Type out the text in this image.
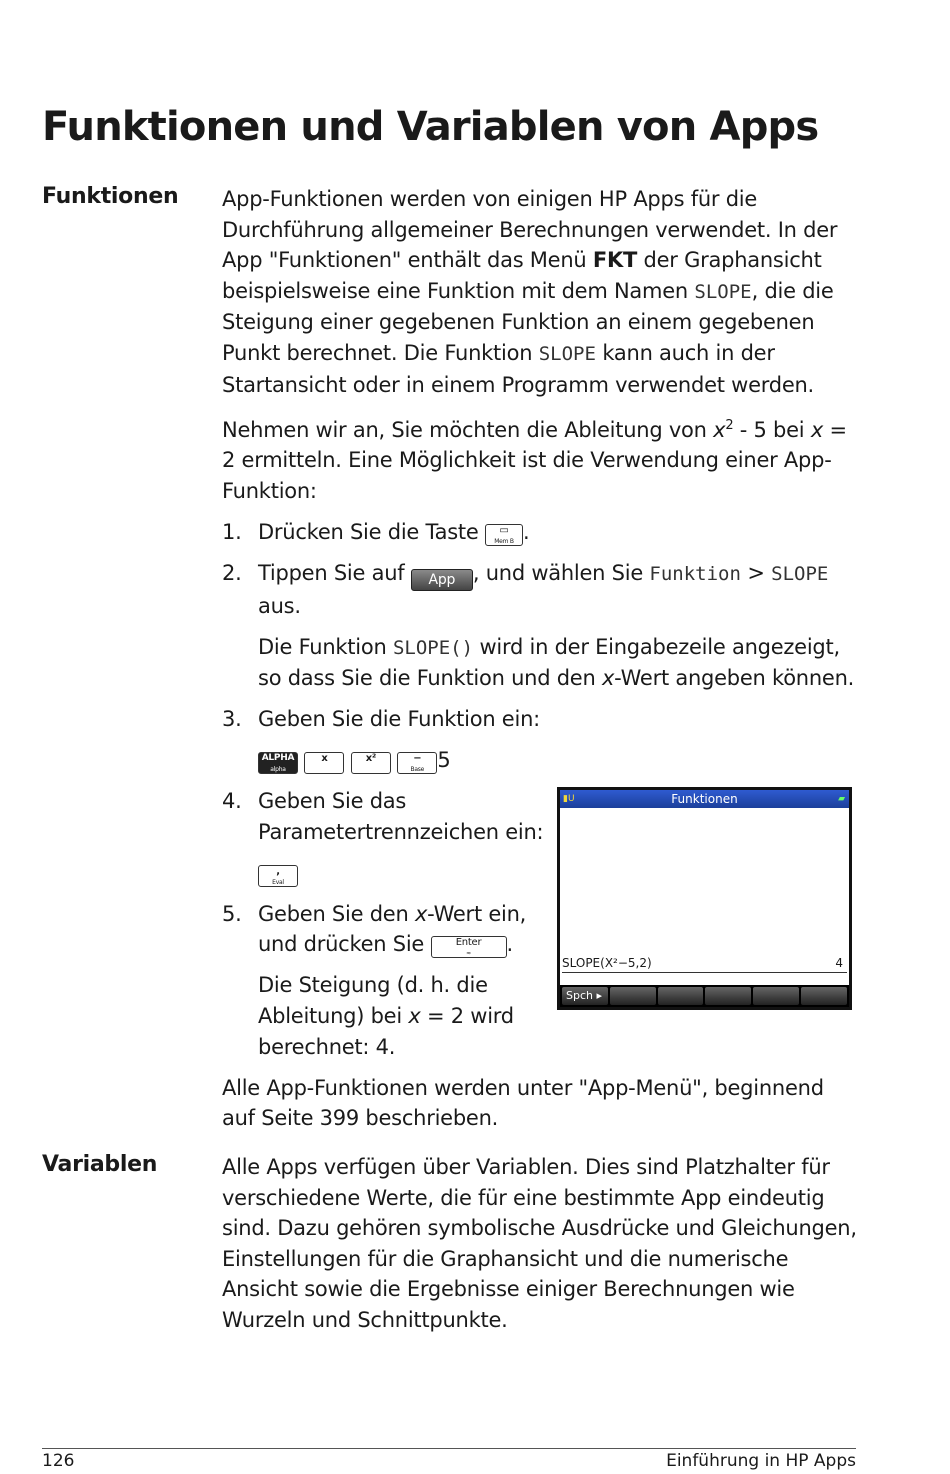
Funktionen und Variablen von Apps
Funktionen App-Funktionen werden von einigen HP Apps für die Durchführung allgemeiner Berechnungen verwendet. In der App "Funktionen" enthält das Menü FKT der Graphansicht beispielsweise eine Funktion mit dem Namen SLOPE, die die Steigung einer gegebenen Funktion an einem gegebenen Punkt berechnet. Die Funktion SLOPE kann auch in der Startansicht oder in einem Programm verwendet werden.

Nehmen wir an, Sie möchten die Ableitung von $x^2 - 5$ bei x = 2 ermitteln. Eine Möglichkeit ist die Verwendung einer App-Funktion:

1. Drücken Sie die Taste	▭
Mem B .
2. Tippen Sie auf App , und wählen Sie Funktion > SLOPE aus.
Die Funktion SLOPE() wird in der Eingabezeile angezeigt, so dass Sie die Funktion und den x-Wert angeben können.
3. Geben Sie die Funktion ein:
ALPHA
alpha

x

	x²

	−
Base 5
4. Geben Sie das Parametertrennzeichen ein:
,
Eval
5. Geben Sie den x-Wert ein, und drücken Sie	Enter
≈	.
Die Steigung (d. h. die Ableitung) bei x = 2 wird berechnet: 4.

Alle App-Funktionen werden unter "App-Menü", beginnend auf Seite 399 beschrieben.

▮U	Funktionen	▰
SLOPE(X²−5,2)	4
Spch ▸
Variablen	Alle Apps verfügen über Variablen. Dies sind Platzhalter für verschiedene Werte, die für eine bestimmte App eindeutig sind. Dazu gehören symbolische Ausdrücke und Gleichungen, Einstellungen für die Graphansicht und die numerische Ansicht sowie die Ergebnisse einiger Berechnungen wie Wurzeln und Schnittpunkte.

126	Einführung in HP Apps
